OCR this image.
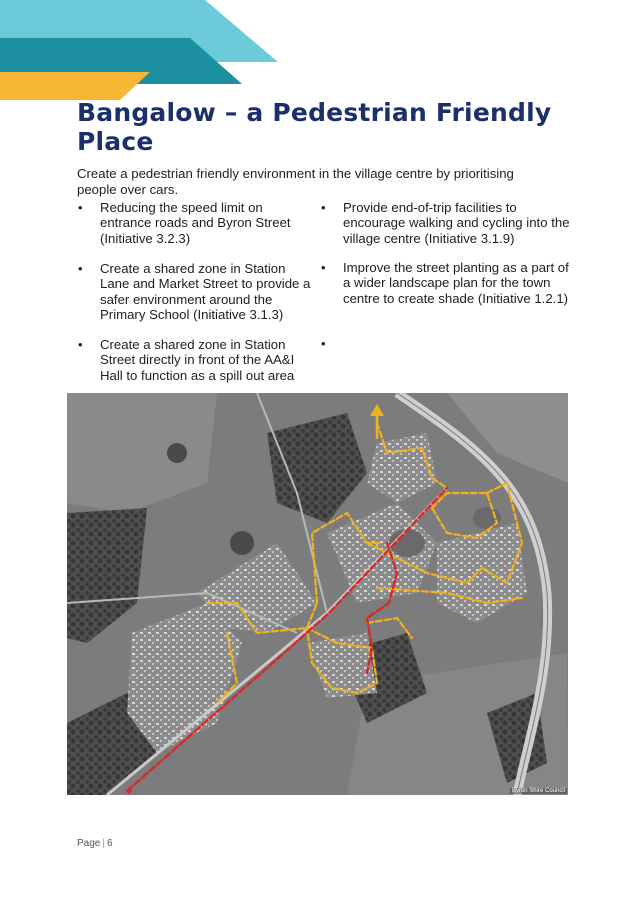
Bangalow – a Pedestrian Friendly Place

Create a pedestrian friendly environment in the village centre by prioritising people over cars.

• Reducing the speed limit on entrance roads and Byron Street (Initiative 3.2.3)
• Create a shared zone in Station Lane and Market Street to provide a safer environment around the Primary School (Initiative 3.1.3)
• Create a shared zone in Station Street directly in front of the AA&I Hall to function as a spill out area
• Provide end-of-trip facilities to encourage walking and cycling into the village centre (Initiative 3.1.9)
• Improve the street planting as a part of a wider landscape plan for the town centre to create shade (Initiative 1.2.1)
Byron Shire Council
Page | 6
